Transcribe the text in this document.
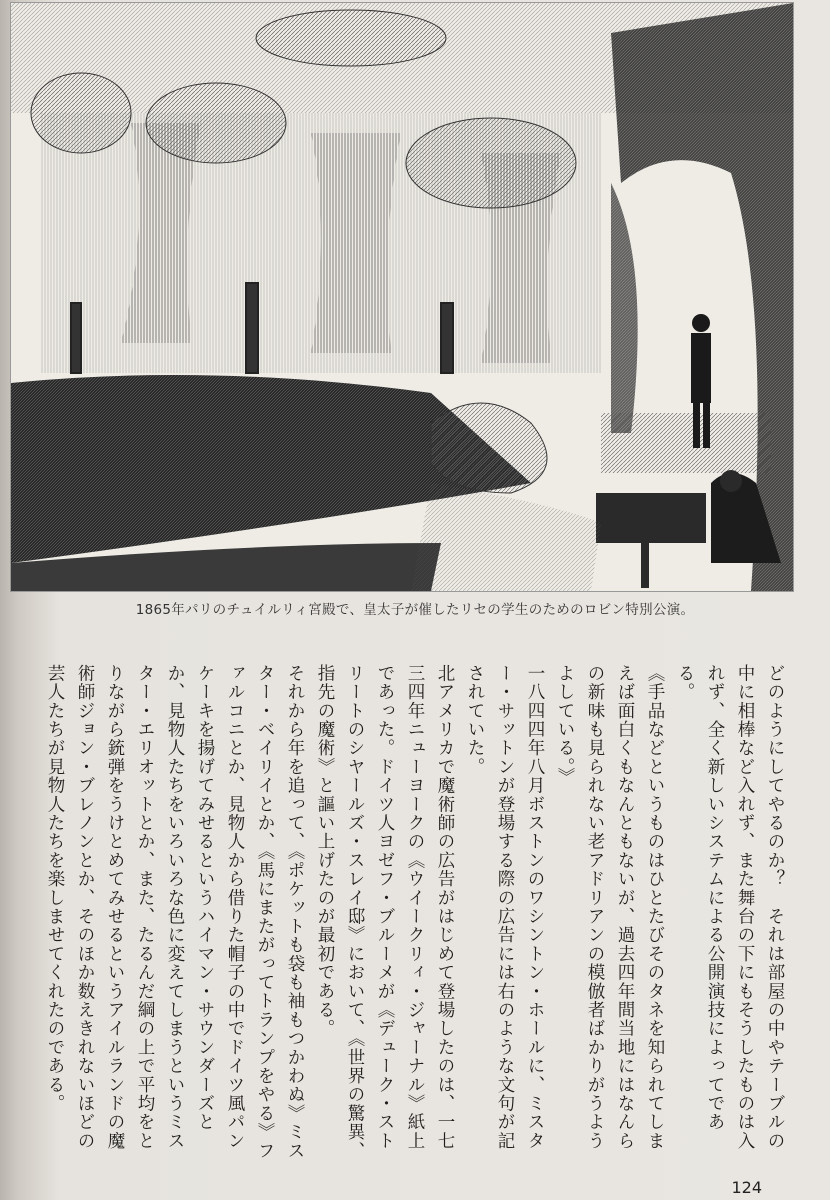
1865年パリのチュイルリィ宮殿で、皇太子が催したリセの学生のためのロビン特別公演。

どのようにしてやるのか？　それは部屋の中やテーブルの中に相棒など入れず、また舞台の下にもそうしたものは入れず、全く新しいシステムによる公開演技によってである。

《手品などというものはひとたびそのタネを知られてしまえば面白くもなんともないが、過去四年間当地にはなんらの新味も見られない老アドリアンの模倣者ばかりがうようよしている。》

一八四四年八月ボストンのワシントン・ホールに、ミスター・サットンが登場する際の広告には右のような文句が記されていた。

北アメリカで魔術師の広告がはじめて登場したのは、一七三四年ニューヨークの《ウイークリィ・ジャーナル》紙上であった。ドイツ人ヨゼフ・ブルーメが《デューク・ストリートのシヤールズ・スレイ邸》において、《世界の驚異、指先の魔術》と謳い上げたのが最初である。

それから年を追って、《ポケットも袋も袖もつかわぬ》ミスター・ベイリイとか、《馬にまたがってトランプをやる》ファルコニとか、見物人から借りた帽子の中でドイツ風パンケーキを揚げてみせるというハイマン・サウンダーズとか、見物人たちをいろいろな色に変えてしまうというミスター・エリオットとか、また、たるんだ綱の上で平均をとりながら銃弾をうけとめてみせるというアイルランドの魔術師ジョン・ブレノンとか、そのほか数えきれないほどの芸人たちが見物人たちを楽しませてくれたのである。

124
